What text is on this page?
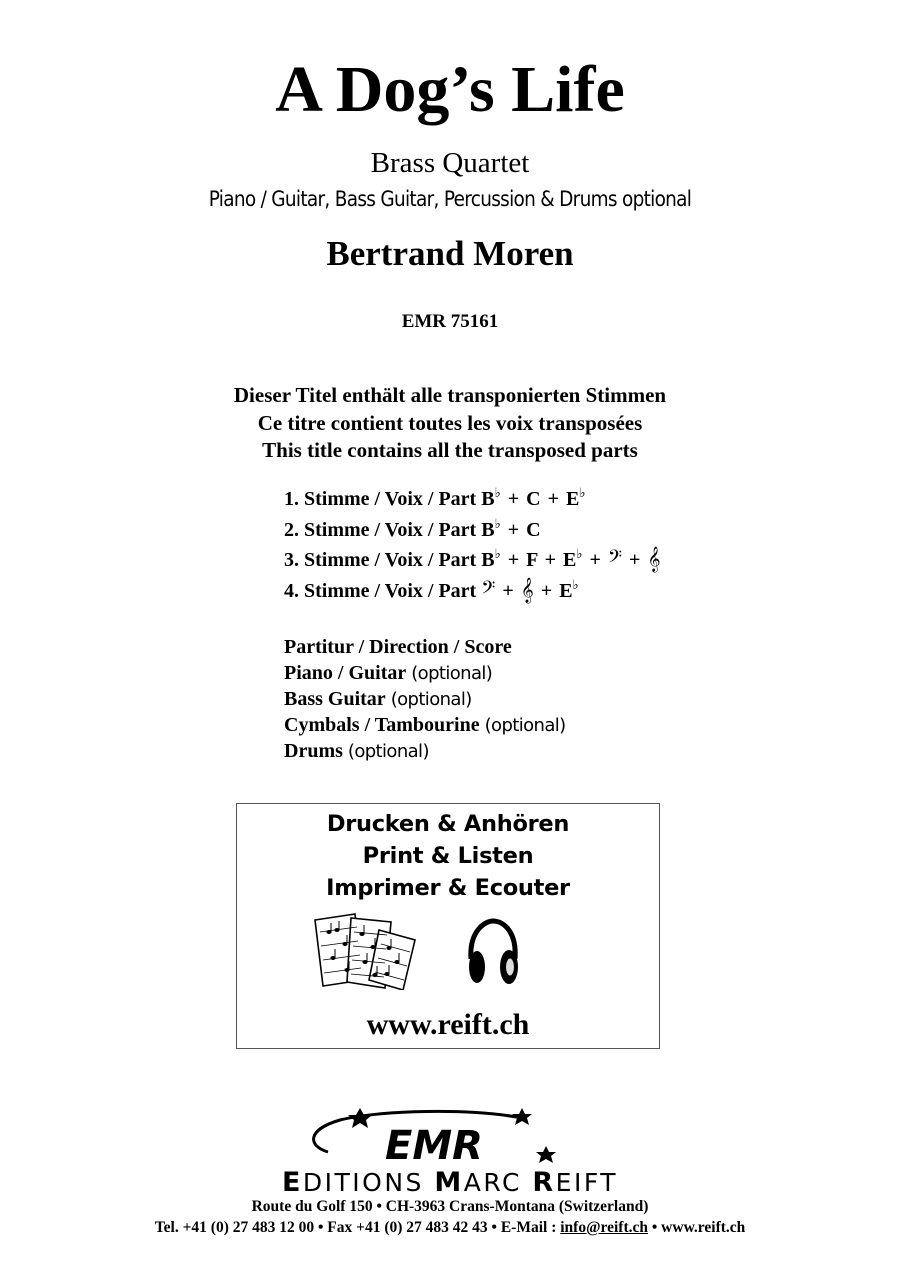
A Dog’s Life
Brass Quartet
Piano / Guitar, Bass Guitar, Percussion & Drums optional
Bertrand Moren
EMR 75161
Dieser Titel enthält alle transponierten Stimmen
Ce titre contient toutes les voix transposées
This title contains all the transposed parts
1. Stimme / Voix / Part B♭ + C + E♭
2. Stimme / Voix / Part B♭ + C
3. Stimme / Voix / Part B♭ + F + E♭ + 𝄢 + 𝄞
4. Stimme / Voix / Part 𝄢 + 𝄞 + E♭
Partitur / Direction / Score
Piano / Guitar (optional)
Bass Guitar (optional)
Cymbals / Tambourine (optional)
Drums (optional)
Drucken & Anhören
Print & Listen
Imprimer & Ecouter
www.reift.ch
EMR
EDITIONS MARC REIFT
Route du Golf 150 • CH-3963 Crans-Montana (Switzerland)
Tel. +41 (0) 27 483 12 00 • Fax +41 (0) 27 483 42 43 • E-Mail : info@reift.ch • www.reift.ch
